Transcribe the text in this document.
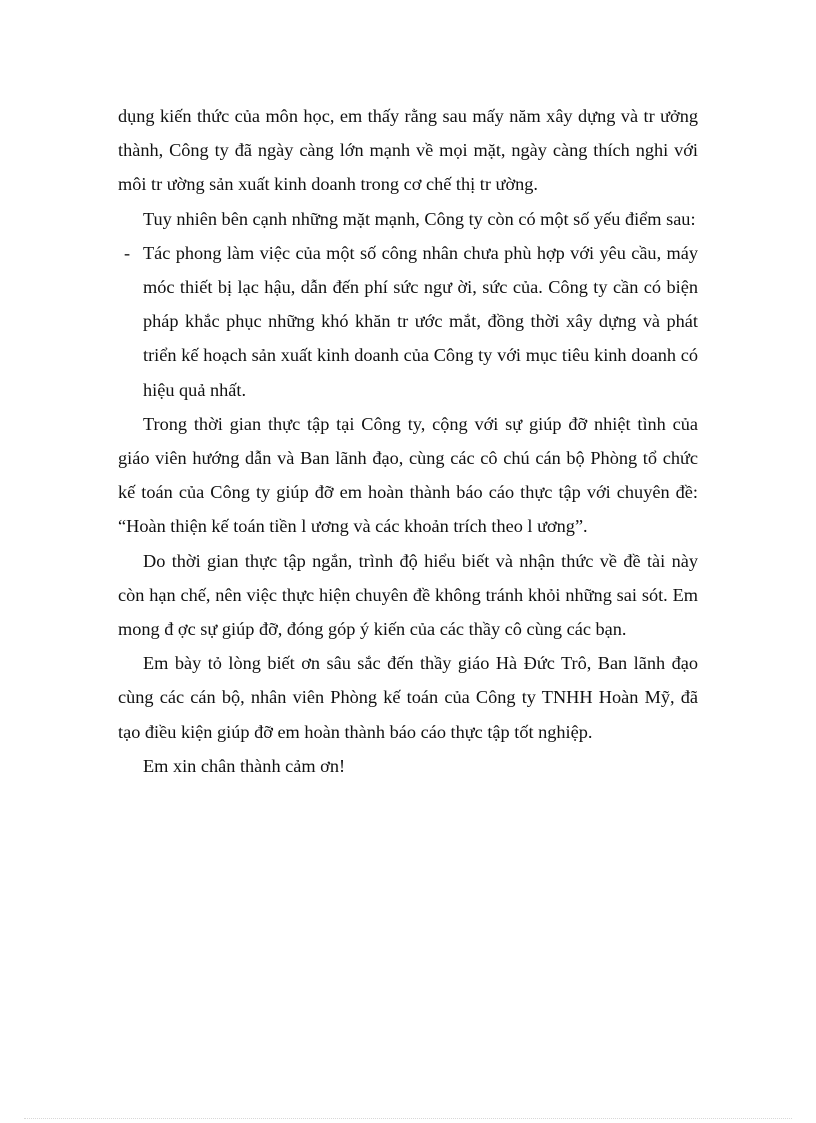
dụng kiến thức của môn học, em thấy rằng sau mấy năm xây dựng và tr ưởng thành, Công ty đã ngày càng lớn mạnh về mọi mặt, ngày càng thích nghi với môi tr ường sản xuất kinh doanh trong cơ chế thị tr ường.

Tuy nhiên bên cạnh những mặt mạnh, Công ty còn có một số yếu điểm sau:

- Tác phong làm việc của một số công nhân chưa phù hợp với yêu cầu, máy móc thiết bị lạc hậu, dẫn đến phí sức ngư ời, sức của. Công ty cần có biện pháp khắc phục những khó khăn tr ước mắt, đồng thời xây dựng và phát triển kế hoạch sản xuất kinh doanh của Công ty với mục tiêu kinh doanh có hiệu quả nhất.

Trong thời gian thực tập tại Công ty, cộng với sự giúp đỡ nhiệt tình của giáo viên hướng dẫn và Ban lãnh đạo, cùng các cô chú cán bộ Phòng tổ chức kế toán của Công ty giúp đỡ em hoàn thành báo cáo thực tập với chuyên đề: “Hoàn thiện kế toán tiền l ương và các khoản trích theo l ương”.

Do thời gian thực tập ngắn, trình độ hiểu biết và nhận thức về đề tài này còn hạn chế, nên việc thực hiện chuyên đề không tránh khỏi những sai sót. Em mong đ ợc sự giúp đỡ, đóng góp ý kiến của các thầy cô cùng các bạn.

Em bày tỏ lòng biết ơn sâu sắc đến thầy giáo Hà Đức Trô, Ban lãnh đạo cùng các cán bộ, nhân viên Phòng kế toán của Công ty TNHH Hoàn Mỹ, đã tạo điều kiện giúp đỡ em hoàn thành báo cáo thực tập tốt nghiệp.

Em xin chân thành cảm ơn!
